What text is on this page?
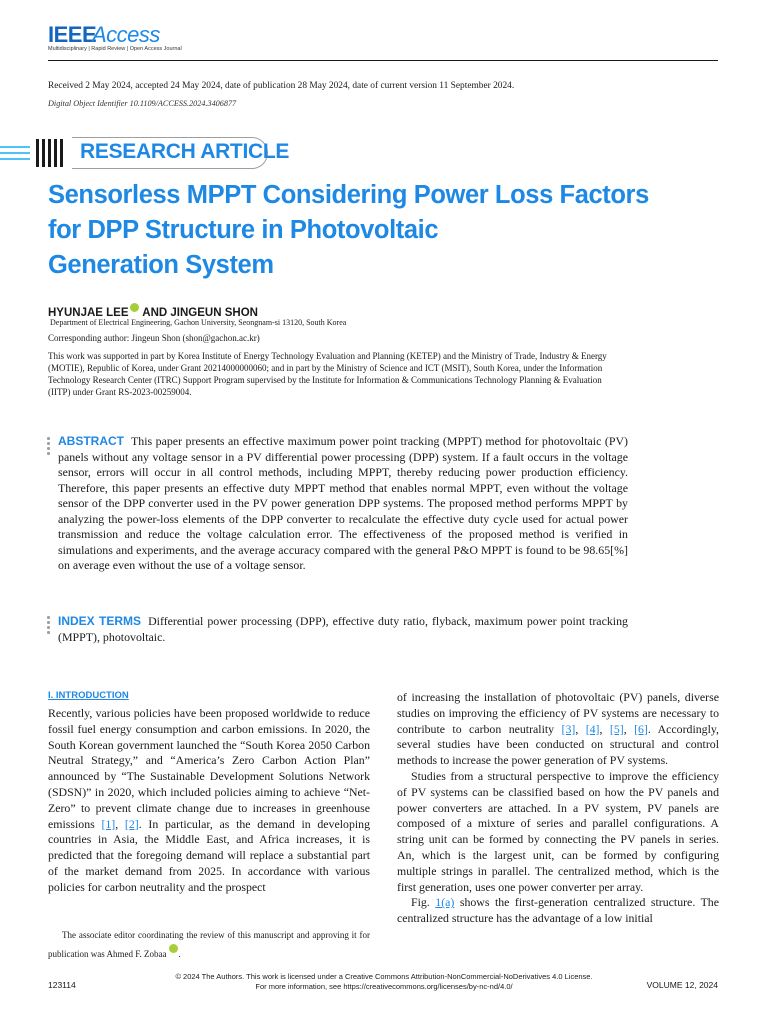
IEEE
Access
Multidisciplinary | Rapid Review | Open Access Journal
Received 2 May 2024, accepted 24 May 2024, date of publication 28 May 2024, date of current version 11 September 2024.
Digital Object Identifier 10.1109/ACCESS.2024.3406877
RESEARCH ARTICLE
Sensorless MPPT Considering Power Loss Factors
for DPP Structure in Photovoltaic
Generation System
HYUNJAE LEE AND JINGEUN SHON
Department of Electrical Engineering, Gachon University, Seongnam-si 13120, South Korea
Corresponding author: Jingeun Shon (shon@gachon.ac.kr)
This work was supported in part by Korea Institute of Energy Technology Evaluation and Planning (KETEP) and the Ministry of Trade, Industry & Energy (MOTIE), Republic of Korea, under Grant 20214000000060; and in part by the Ministry of Science and ICT (MSIT), South Korea, under the Information Technology Research Center (ITRC) Support Program supervised by the Institute for Information & Communications Technology Planning & Evaluation (IITP) under Grant RS-2023-00259004.
ABSTRACT This paper presents an effective maximum power point tracking (MPPT) method for photovoltaic (PV) panels without any voltage sensor in a PV differential power processing (DPP) system. If a fault occurs in the voltage sensor, errors will occur in all control methods, including MPPT, thereby reducing power production efficiency. Therefore, this paper presents an effective duty MPPT method that enables normal MPPT, even without the voltage sensor of the DPP converter used in the PV power generation DPP systems. The proposed method performs MPPT by analyzing the power-loss elements of the DPP converter to recalculate the effective duty cycle used for actual power transmission and reduce the voltage calculation error. The effectiveness of the proposed method is verified in simulations and experiments, and the average accuracy compared with the general P&O MPPT is found to be 98.65[%] on average even without the use of a voltage sensor.
INDEX TERMS Differential power processing (DPP), effective duty ratio, flyback, maximum power point tracking (MPPT), photovoltaic.
I. INTRODUCTION

Recently, various policies have been proposed worldwide to reduce fossil fuel energy consumption and carbon emissions. In 2020, the South Korean government launched the “South Korea 2050 Carbon Neutral Strategy,” and “America’s Zero Carbon Action Plan” announced by “The Sustainable Development Solutions Network (SDSN)” in 2020, which included policies aiming to achieve “Net-Zero” to prevent climate change due to increases in greenhouse emissions [1], [2]. In particular, as the demand in developing countries in Asia, the Middle East, and Africa increases, it is predicted that the foregoing demand will replace a substantial part of the market demand from 2025. In accordance with various policies for carbon neutrality and the prospect

The associate editor coordinating the review of this manuscript and approving it for publication was Ahmed F. Zobaa .

of increasing the installation of photovoltaic (PV) panels, diverse studies on improving the efficiency of PV systems are necessary to contribute to carbon neutrality [3], [4], [5], [6]. Accordingly, several studies have been conducted on structural and control methods to increase the power generation of PV systems.

Studies from a structural perspective to improve the efficiency of PV systems can be classified based on how the PV panels and power converters are attached. In a PV system, PV panels are composed of a mixture of series and parallel configurations. A string unit can be formed by connecting the PV panels in series. An, which is the largest unit, can be formed by configuring multiple strings in parallel. The centralized method, which is the first generation, uses one power converter per array.

Fig. 1(a) shows the first-generation centralized structure. The centralized structure has the advantage of a low initial

© 2024 The Authors. This work is licensed under a Creative Commons Attribution-NonCommercial-NoDerivatives 4.0 License.
For more information, see https://creativecommons.org/licenses/by-nc-nd/4.0/
123114	VOLUME 12, 2024
